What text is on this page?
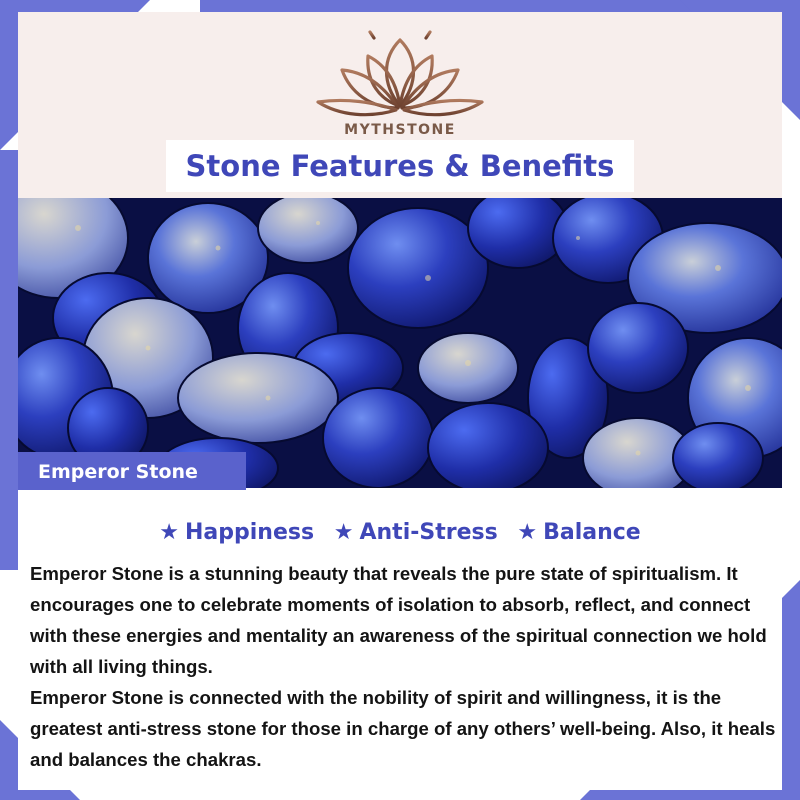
MYTHSTONE
Stone Features & Benefits
Emperor Stone
★ Happiness ★ Anti-Stress ★ Balance

Emperor Stone is a stunning beauty that reveals the pure state of spiritualism. It encourages one to celebrate moments of isolation to absorb, reflect, and connect with these energies and mentality an awareness of the spiritual connection we hold with all living things.

Emperor Stone is connected with the nobility of spirit and willingness, it is the greatest anti-stress stone for those in charge of any others’ well-being. Also, it heals and balances the chakras.
